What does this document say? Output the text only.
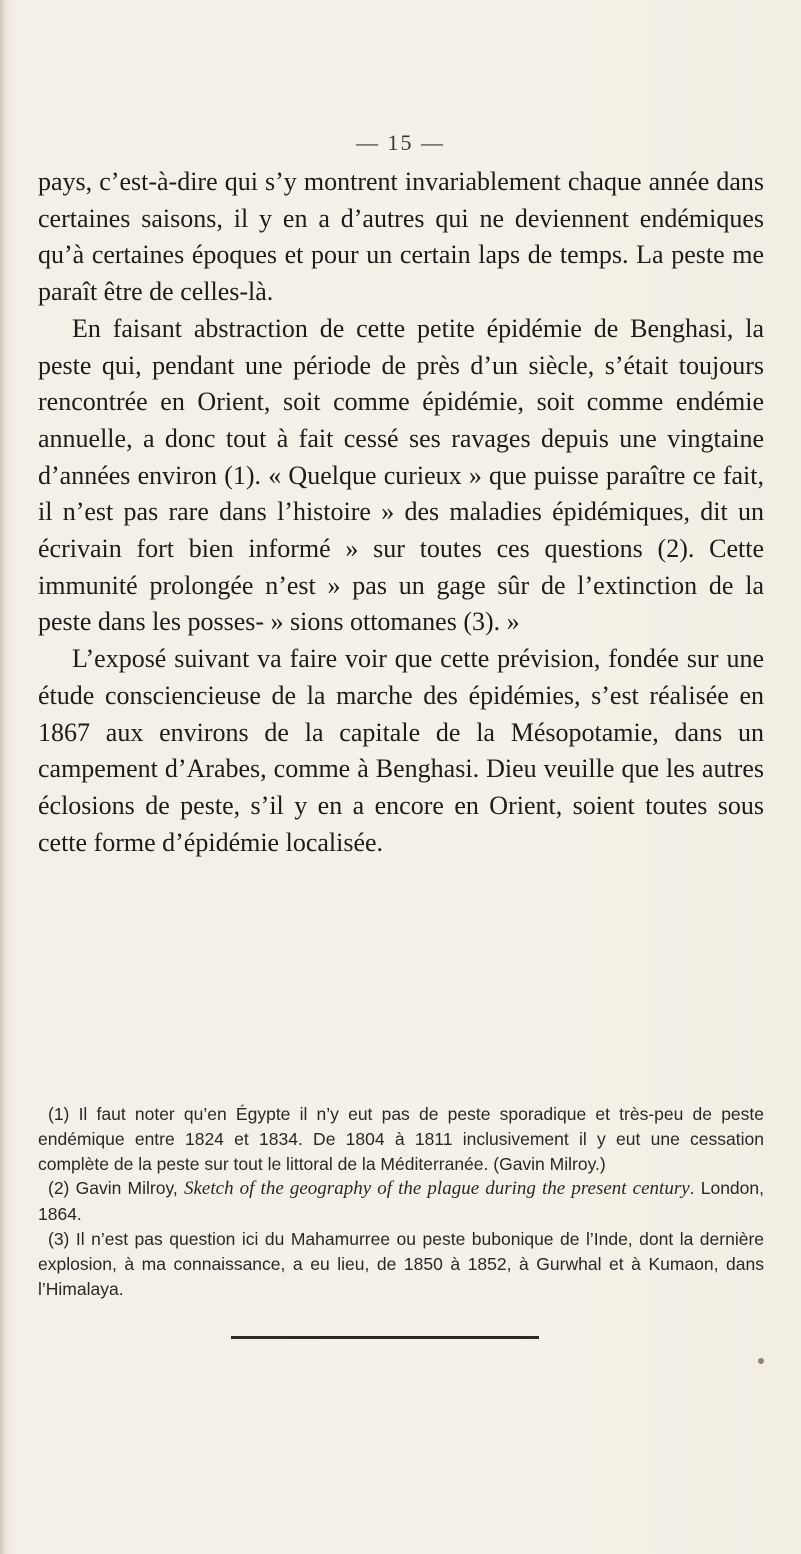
— 15 —

pays, c’est-à-dire qui s’y montrent invariablement chaque année dans certaines saisons, il y en a d’autres qui ne deviennent endémiques qu’à certaines époques et pour un certain laps de temps. La peste me paraît être de celles-là.

En faisant abstraction de cette petite épidémie de Benghasi, la peste qui, pendant une période de près d’un siècle, s’était toujours rencontrée en Orient, soit comme épidémie, soit comme endémie annuelle, a donc tout à fait cessé ses ravages depuis une vingtaine d’années environ (1). « Quelque curieux » que puisse paraître ce fait, il n’est pas rare dans l’histoire » des maladies épidémiques, dit un écrivain fort bien informé » sur toutes ces questions (2). Cette immunité prolongée n’est » pas un gage sûr de l’extinction de la peste dans les posses- » sions ottomanes (3). »

L’exposé suivant va faire voir que cette prévision, fondée sur une étude consciencieuse de la marche des épidémies, s’est réalisée en 1867 aux environs de la capitale de la Mésopotamie, dans un campement d’Arabes, comme à Benghasi. Dieu veuille que les autres éclosions de peste, s’il y en a encore en Orient, soient toutes sous cette forme d’épidémie localisée.

(1) Il faut noter qu’en Égypte il n’y eut pas de peste sporadique et très-peu de peste endémique entre 1824 et 1834. De 1804 à 1811 inclusivement il y eut une cessation complète de la peste sur tout le littoral de la Méditerranée. (Gavin Milroy.)

(2) Gavin Milroy, Sketch of the geography of the plague during the present century. London, 1864.

(3) Il n’est pas question ici du Mahamurree ou peste bubonique de l’Inde, dont la dernière explosion, à ma connaissance, a eu lieu, de 1850 à 1852, à Gurwhal et à Kumaon, dans l’Himalaya.
